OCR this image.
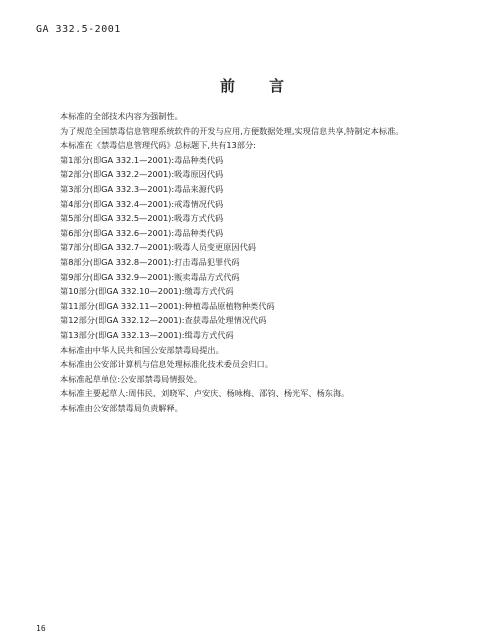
GA 332.5-2001
前言

本标准的全部技术内容为强制性。

为了规范全国禁毒信息管理系统软件的开发与应用,方便数据处理,实现信息共享,特制定本标准。

本标准在《禁毒信息管理代码》总标题下,共有13部分:

第1部分(即GA 332.1—2001):毒品种类代码

第2部分(即GA 332.2—2001):吸毒原因代码

第3部分(即GA 332.3—2001):毒品来源代码

第4部分(即GA 332.4—2001):戒毒情况代码

第5部分(即GA 332.5—2001):吸毒方式代码

第6部分(即GA 332.6—2001):毒品种类代码

第7部分(即GA 332.7—2001):吸毒人员变更原因代码

第8部分(即GA 332.8—2001):打击毒品犯罪代码

第9部分(即GA 332.9—2001):贩卖毒品方式代码

第10部分(即GA 332.10—2001):缴毒方式代码

第11部分(即GA 332.11—2001):种植毒品原植物种类代码

第12部分(即GA 332.12—2001):查获毒品处理情况代码

第13部分(即GA 332.13—2001):缉毒方式代码

本标准由中华人民共和国公安部禁毒局提出。

本标准由公安部计算机与信息处理标准化技术委员会归口。

本标准起草单位:公安部禁毒局情报处。

本标准主要起草人:周伟民、刘晓军、卢安庆、杨咏梅、邵钧、杨光军、杨东海。

本标准由公安部禁毒局负责解释。

16
